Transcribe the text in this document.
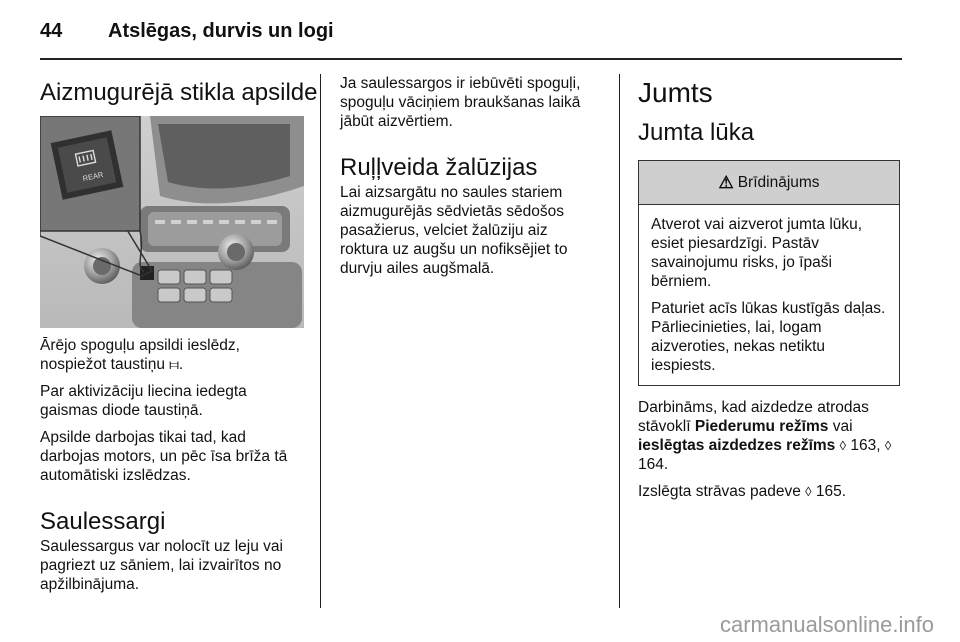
44	Atslēgas, durvis un logi
Aizmugurējā stikla apsilde
REAR

Ārējo spoguļu apsildi ieslēdz, nospiežot taustiņu ⧦.

Par aktivizāciju liecina iedegta gaismas diode taustiņā.

Apsilde darbojas tikai tad, kad darbojas motors, un pēc īsa brīža tā automātiski izslēdzas.

Saulessargi

Saulessargus var nolocīt uz leju vai pagriezt uz sāniem, lai izvairītos no apžilbinājuma.

Ja saulessargos ir iebūvēti spoguļi, spoguļu vāciņiem braukšanas laikā jābūt aizvērtiem.

Ruļļveida žalūzijas

Lai aizsargātu no saules stariem aizmugurējās sēdvietās sēdošos pasažierus, velciet žalūziju aiz roktura uz augšu un nofiksējiet to durvju ailes augšmalā.

Jumts
Jumta lūka
⚠ Brīdinājums

Atverot vai aizverot jumta lūku, esiet piesardzīgi. Pastāv savainojumu risks, jo īpaši bērniem.

Paturiet acīs lūkas kustīgās daļas. Pārliecinieties, lai, logam aizveroties, nekas netiktu iespiests.

Darbināms, kad aizdedze atrodas stāvoklī Piederumu režīms vai ieslēgtas aizdedzes režīms ◊ 163, ◊ 164.

Izslēgta strāvas padeve ◊ 165.

carmanualsonline.info
